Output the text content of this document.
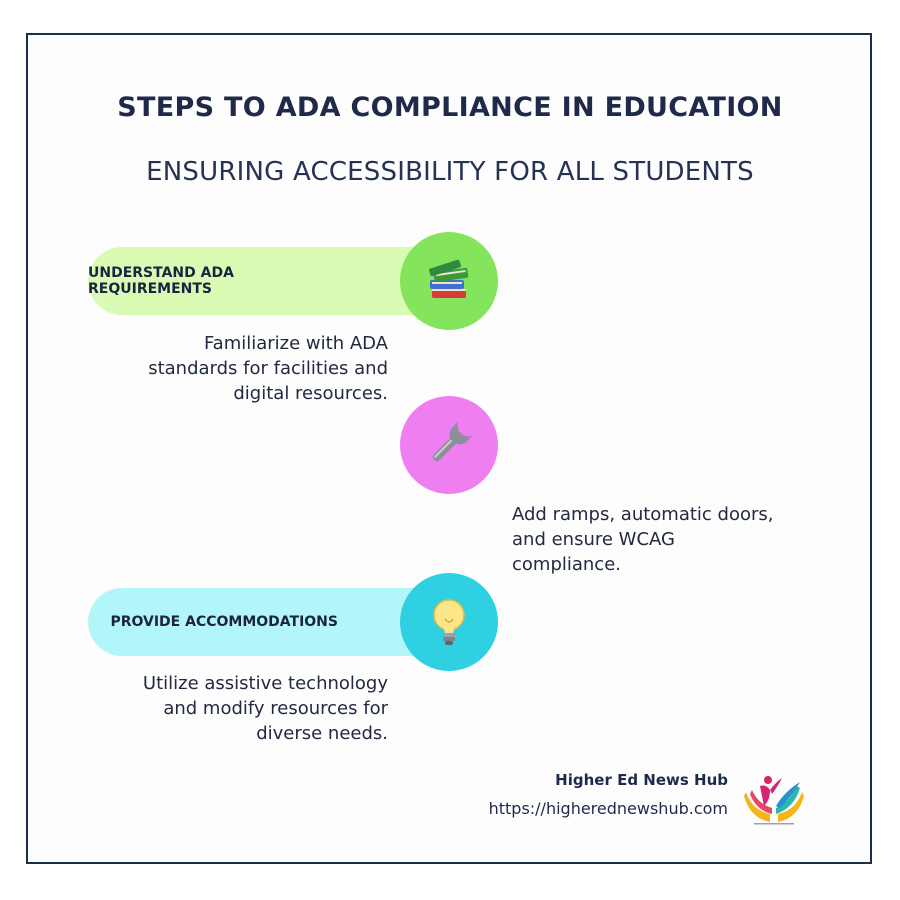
STEPS TO ADA COMPLIANCE IN EDUCATION
ENSURING ACCESSIBILITY FOR ALL STUDENTS
UNDERSTAND ADA REQUIREMENTS
Familiarize with ADA
standards for facilities and
digital resources.
Add ramps, automatic doors,
and ensure WCAG
compliance.
PROVIDE ACCOMMODATIONS
Utilize assistive technology
and modify resources for
diverse needs.
Higher Ed News Hub
https://higherednewshub.com
